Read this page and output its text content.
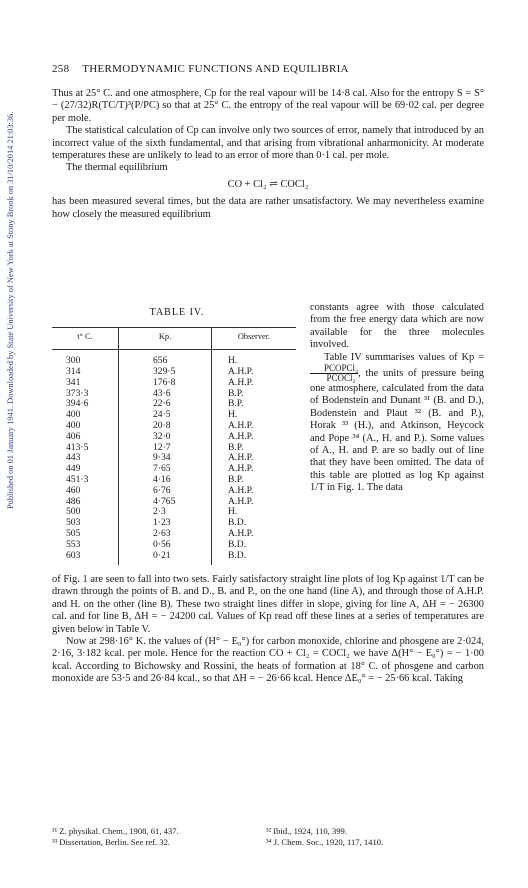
Published on 01 January 1941. Downloaded by State University of New York at Stony Brook on 31/10/2014 21:03:36.
258 THERMODYNAMIC FUNCTIONS AND EQUILIBRIA

Thus at 25° C. and one atmosphere, Cp for the real vapour will be 14·8 cal. Also for the entropy S = S° − (27/32)R(TC/T)³(P/PC) so that at 25° C. the entropy of the real vapour will be 69·02 cal. per degree per mole.

The statistical calculation of Cp can involve only two sources of error, namely that introduced by an incorrect value of the sixth fundamental, and that arising from vibrational anharmonicity. At moderate temperatures these are unlikely to lead to an error of more than 0·1 cal. per mole.

The thermal equilibrium

CO + Cl₂ ⇌ COCl₂

has been measured several times, but the data are rather unsatisfactory. We may nevertheless examine how closely the measured equilibrium

TABLE IV.
t° C.	Kp.	Observer.
300	656	H.
314	329·5	A.H.P.
341	176·8	A.H.P.
373·3	43·6	B.P.
394·6	22·6	B.P.
400	24·5	H.
400	20·8	A.H.P.
406	32·0	A.H.P.
413·5	12·7	B.P.
443	9·34	A.H.P.
449	7·65	A.H.P.
451·3	4·16	B.P.
460	6·76	A.H.P.
486	4·765	A.H.P.
500	2·3	H.
503	1·23	B.D.
505	2·63	A.H.P.
553	0·56	B.D.
603	0·21	B.D.

constants agree with those calculated from the free energy data which are now available for the three molecules involved.

Table IV summarises values of Kp =
$\frac{\text{PCOPCl₂}}{\text{PCOCl₂}}$ , the units of pressure being one atmosphere, calculated from the data of Bodenstein and Dunant ³¹ (B. and D.), Bodenstein and Plaut ³² (B. and P.), Horak ³³ (H.), and Atkinson, Heycock and Pope ³⁴ (A., H. and P.). Some values of A., H. and P. are so badly out of line that they have been omitted. The data of this table are plotted as log Kp against 1/T in Fig. 1. The data

of Fig. 1 are seen to fall into two sets. Fairly satisfactory straight line plots of log Kp against 1/T can be drawn through the points of B. and D., B. and P., on the one hand (line A), and through those of A.H.P. and H. on the other (line B). These two straight lines differ in slope, giving for line A, ΔH = − 26300 cal. and for line B, ΔH = − 24200 cal. Values of Kp read off these lines at a series of temperatures are given below in Table V.

Now at 298·16° K. the values of (H° − E₀°) for carbon monoxide, chlorine and phosgene are 2·024, 2·16, 3·182 kcal. per mole. Hence for the reaction CO + Cl₂ = COCl₂ we have Δ(H° − E₀°) = − 1·00 kcal. According to Bichowsky and Rossini, the heats of formation at 18° C. of phosgene and carbon monoxide are 53·5 and 26·84 kcal., so that ΔH = − 26·66 kcal. Hence ΔE₀° = − 25·66 kcal. Taking

³¹ Z. physikal. Chem., 1908, 61, 437.	³² Ibid., 1924, 110, 399.
³³ Dissertation, Berlin. See ref. 32.	³⁴ J. Chem. Soc., 1920, 117, 1410.
